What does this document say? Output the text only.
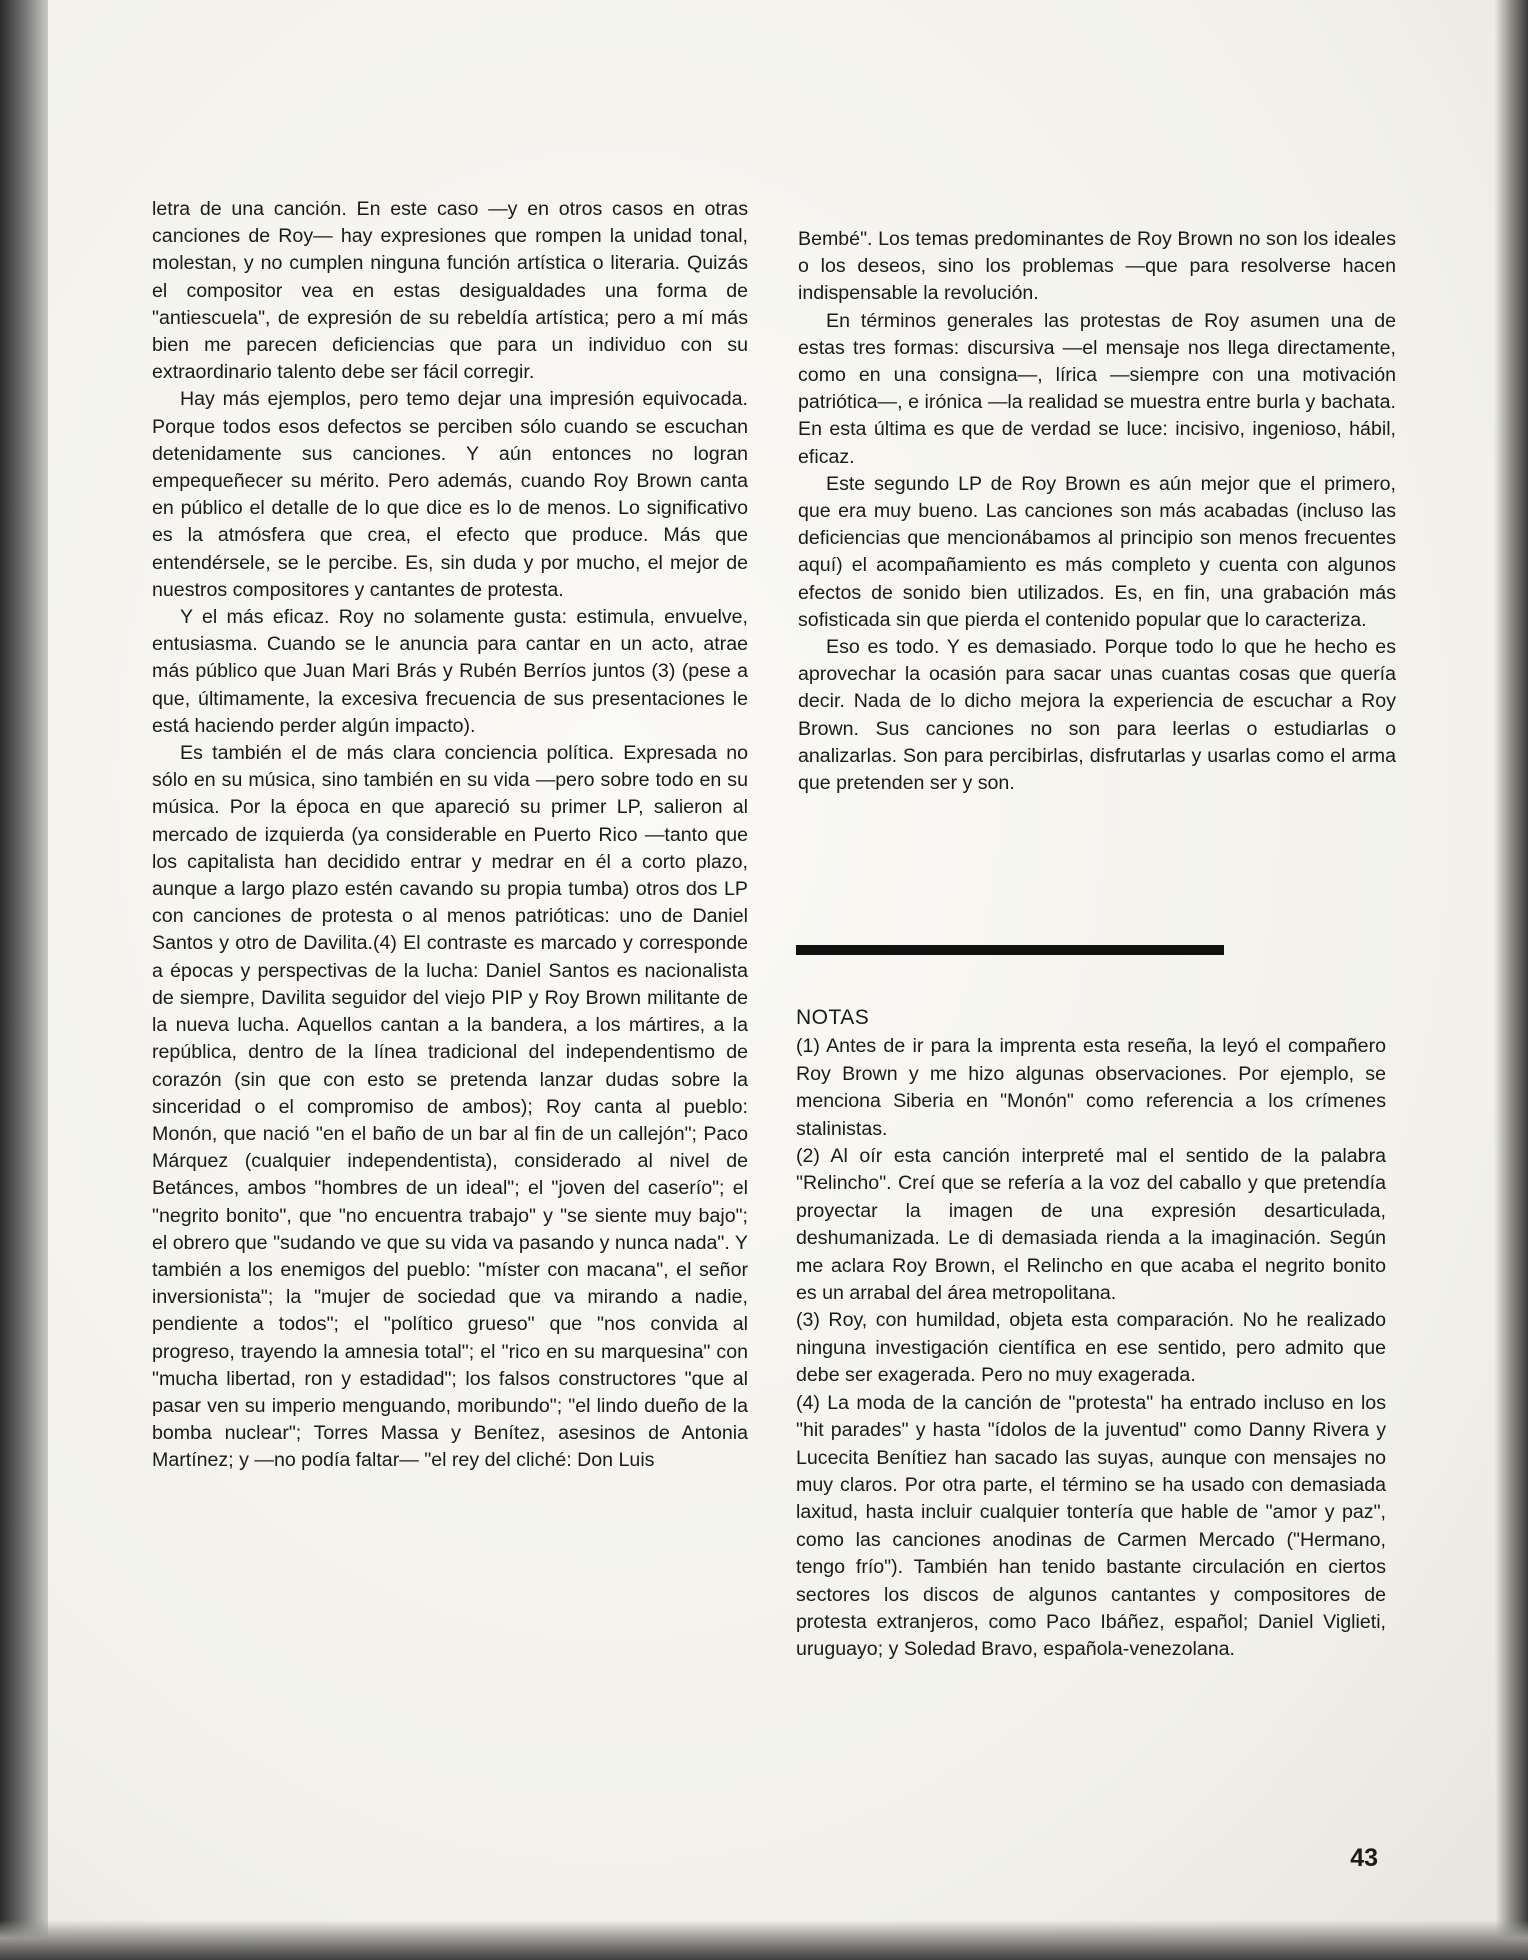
letra de una canción. En este caso —y en otros casos en otras canciones de Roy— hay expresiones que rompen la unidad tonal, molestan, y no cumplen ninguna función artística o literaria. Quizás el compositor vea en estas desigualdades una forma de "antiescuela", de expresión de su rebeldía artística; pero a mí más bien me parecen deficiencias que para un individuo con su extraordinario talento debe ser fácil corregir.

Hay más ejemplos, pero temo dejar una impresión equivocada. Porque todos esos defectos se perciben sólo cuando se escuchan detenidamente sus canciones. Y aún entonces no logran empequeñecer su mérito. Pero además, cuando Roy Brown canta en público el detalle de lo que dice es lo de menos. Lo significativo es la atmósfera que crea, el efecto que produce. Más que entendérsele, se le percibe. Es, sin duda y por mucho, el mejor de nuestros compositores y cantantes de protesta.

Y el más eficaz. Roy no solamente gusta: estimula, envuelve, entusiasma. Cuando se le anuncia para cantar en un acto, atrae más público que Juan Mari Brás y Rubén Berríos juntos (3) (pese a que, últimamente, la excesiva frecuencia de sus presentaciones le está haciendo perder algún impacto).

Es también el de más clara conciencia política. Expresada no sólo en su música, sino también en su vida —pero sobre todo en su música. Por la época en que apareció su primer LP, salieron al mercado de izquierda (ya considerable en Puerto Rico —tanto que los capitalista han decidido entrar y medrar en él a corto plazo, aunque a largo plazo estén cavando su propia tumba) otros dos LP con canciones de protesta o al menos patrióticas: uno de Daniel Santos y otro de Davilita.(4) El contraste es marcado y corresponde a épocas y perspectivas de la lucha: Daniel Santos es nacionalista de siempre, Davilita seguidor del viejo PIP y Roy Brown militante de la nueva lucha. Aquellos cantan a la bandera, a los mártires, a la república, dentro de la línea tradicional del independentismo de corazón (sin que con esto se pretenda lanzar dudas sobre la sinceridad o el compromiso de ambos); Roy canta al pueblo: Monón, que nació "en el baño de un bar al fin de un callejón"; Paco Márquez (cualquier independentista), considerado al nivel de Betánces, ambos "hombres de un ideal"; el "joven del caserío"; el "negrito bonito", que "no encuentra trabajo" y "se siente muy bajo"; el obrero que "sudando ve que su vida va pasando y nunca nada". Y también a los enemigos del pueblo: "míster con macana", el señor inversionista"; la "mujer de sociedad que va mirando a nadie, pendiente a todos"; el "político grueso" que "nos convida al progreso, trayendo la amnesia total"; el "rico en su marquesina" con "mucha libertad, ron y estadidad"; los falsos constructores "que al pasar ven su imperio menguando, moribundo"; "el lindo dueño de la bomba nuclear"; Torres Massa y Benítez, asesinos de Antonia Martínez; y —no podía faltar— "el rey del cliché: Don Luis

Bembé". Los temas predominantes de Roy Brown no son los ideales o los deseos, sino los problemas —que para resolverse hacen indispensable la revolución.

En términos generales las protestas de Roy asumen una de estas tres formas: discursiva —el mensaje nos llega directamente, como en una consigna—, lírica —siempre con una motivación patriótica—, e irónica —la realidad se muestra entre burla y bachata. En esta última es que de verdad se luce: incisivo, ingenioso, hábil, eficaz.

Este segundo LP de Roy Brown es aún mejor que el primero, que era muy bueno. Las canciones son más acabadas (incluso las deficiencias que mencionábamos al principio son menos frecuentes aquí) el acompañamiento es más completo y cuenta con algunos efectos de sonido bien utilizados. Es, en fin, una grabación más sofisticada sin que pierda el contenido popular que lo caracteriza.

Eso es todo. Y es demasiado. Porque todo lo que he hecho es aprovechar la ocasión para sacar unas cuantas cosas que quería decir. Nada de lo dicho mejora la experiencia de escuchar a Roy Brown. Sus canciones no son para leerlas o estudiarlas o analizarlas. Son para percibirlas, disfrutarlas y usarlas como el arma que pretenden ser y son.

NOTAS

(1) Antes de ir para la imprenta esta reseña, la leyó el compañero Roy Brown y me hizo algunas observaciones. Por ejemplo, se menciona Siberia en "Monón" como referencia a los crímenes stalinistas.

(2) Al oír esta canción interpreté mal el sentido de la palabra "Relincho". Creí que se refería a la voz del caballo y que pretendía proyectar la imagen de una expresión desarticulada, deshumanizada. Le di demasiada rienda a la imaginación. Según me aclara Roy Brown, el Relincho en que acaba el negrito bonito es un arrabal del área metropolitana.

(3) Roy, con humildad, objeta esta comparación. No he realizado ninguna investigación científica en ese sentido, pero admito que debe ser exagerada. Pero no muy exagerada.

(4) La moda de la canción de "protesta" ha entrado incluso en los "hit parades" y hasta "ídolos de la juventud" como Danny Rivera y Lucecita Benítiez han sacado las suyas, aunque con mensajes no muy claros. Por otra parte, el término se ha usado con demasiada laxitud, hasta incluir cualquier tontería que hable de "amor y paz", como las canciones anodinas de Carmen Mercado ("Hermano, tengo frío"). También han tenido bastante circulación en ciertos sectores los discos de algunos cantantes y compositores de protesta extranjeros, como Paco Ibáñez, español; Daniel Viglieti, uruguayo; y Soledad Bravo, española-venezolana.

43
